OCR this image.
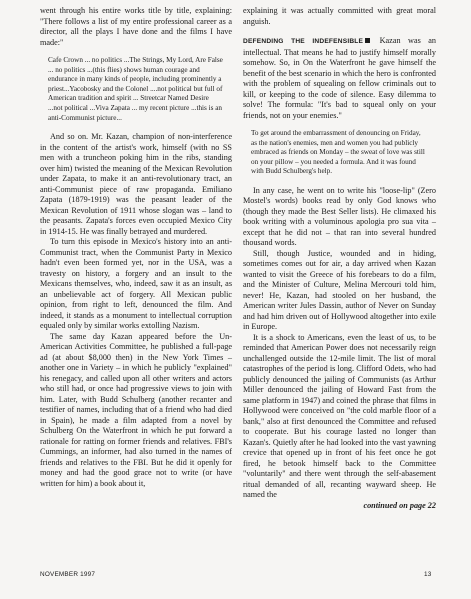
went through his entire works title by title, explaining: "There follows a list of my entire professional career as a director, all the plays I have done and the films I have made:"

Cafe Crown ... no politics ...The Strings, My Lord, Are False ... no politics ...(this flies) shows human courage and endurance in many kinds of people, including prominently a priest...Yacobosky and the Colonel ....not political but full of American tradition and spirit ... Streetcar Named Desire ...not political ...Viva Zapata ... my recent picture ...this is an anti-Communist picture...

And so on. Mr. Kazan, champion of non-interference in the content of the artist's work, himself (with no SS men with a truncheon poking him in the ribs, standing over him) twisted the meaning of the Mexican Revolution under Zapata, to make it an anti-revolutionary tract, an anti-Communist piece of raw propaganda. Emiliano Zapata (1879-1919) was the peasant leader of the Mexican Revolution of 1911 whose slogan was – land to the peasants. Zapata's forces even occupied Mexico City in 1914-15. He was finally betrayed and murdered.

To turn this episode in Mexico's history into an anti-Communist tract, when the Communist Party in Mexico hadn't even been formed yet, nor in the USA, was a travesty on history, a forgery and an insult to the Mexicans themselves, who, indeed, saw it as an insult, as an unbelievable act of forgery. All Mexican public opinion, from right to left, denounced the film. And indeed, it stands as a monument to intellectual corruption equaled only by similar works extolling Nazism.

The same day Kazan appeared before the Un-American Activities Committee, he published a full-page ad (at about $8,000 then) in the New York Times – another one in Variety – in which he publicly "explained" his renegacy, and called upon all other writers and actors who still had, or once had progressive views to join with him. Later, with Budd Schulberg (another recanter and testifier of names, including that of a friend who had died in Spain), he made a film adapted from a novel by Schulberg On the Waterfront in which he put forward a rationale for ratting on former friends and relatives. FBI's Cummings, an informer, had also turned in the names of friends and relatives to the FBI. But he did it openly for money and had the good grace not to write (or have written for him) a book about it,

explaining it was actually committed with great moral anguish.

DEFENDING THE INDEFENSIBLE Kazan was an intellectual. That means he had to justify himself morally somehow. So, in On the Waterfront he gave himself the benefit of the best scenario in which the hero is confronted with the problem of squealing on fellow criminals out to kill, or keeping to the code of silence. Easy dilemma to solve! The formula: "It's bad to squeal only on your friends, not on your enemies."

To get around the embarrassment of denouncing on Friday, as the nation's enemies, men and women you had publicly embraced as friends on Monday – the sweat of love was still on your pillow – you needed a formula. And it was found with Budd Schulberg's help.

In any case, he went on to write his "loose-lip" (Zero Mostel's words) books read by only God knows who (though they made the Best Seller lists). He climaxed his book writing with a voluminous apologia pro sua vita – except that he did not – that ran into several hundred thousand words.

Still, though Justice, wounded and in hiding, sometimes comes out for air, a day arrived when Kazan wanted to visit the Greece of his forebears to do a film, and the Minister of Culture, Melina Mercouri told him, never! He, Kazan, had stooled on her husband, the American writer Jules Dassin, author of Never on Sunday and had him driven out of Hollywood altogether into exile in Europe.

It is a shock to Americans, even the least of us, to be reminded that American Power does not necessarily reign unchallenged outside the 12-mile limit. The list of moral catastrophes of the period is long. Clifford Odets, who had publicly denounced the jailing of Communists (as Arthur Miller denounced the jailing of Howard Fast from the same platform in 1947) and coined the phrase that films in Hollywood were conceived on "the cold marble floor of a bank," also at first denounced the Committee and refused to cooperate. But his courage lasted no longer than Kazan's. Quietly after he had looked into the vast yawning crevice that opened up in front of his feet once he got fired, he betook himself back to the Committee "voluntarily" and there went through the self-abasement ritual demanded of all, recanting wayward sheep. He named the

continued on page 22
NOVEMBER 1997	13
